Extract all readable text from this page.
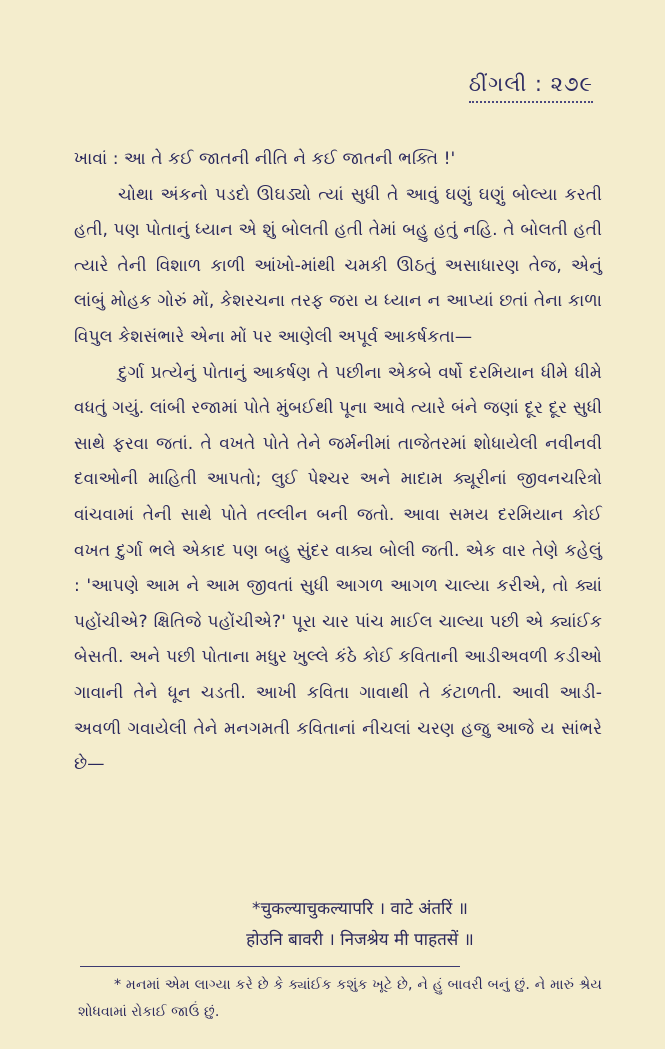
ઠીંગલી : ૨૭૯

ખાવાં : આ તે કઈ જાતની નીતિ ને કઈ જાતની ભક્તિ !'

ચોથા અંકનો પડદો ઊઘડ્યો ત્યાં સુધી તે આવું ઘણું ઘણું બોલ્યા કરતી હતી, પણ પોતાનું ધ્યાન એ શું બોલતી હતી તેમાં બહુ હતું નહિ. તે બોલતી હતી ત્યારે તેની વિશાળ કાળી આંખો-માંથી ચમકી ઊઠતું અસાધારણ તેજ, એનું લાંબું મોહક ગોરું મોં, કેશરચના તરફ જરા ય ધ્યાન ન આપ્યાં છતાં તેના કાળા વિપુલ કેશસંભારે એના મોં પર આણેલી અપૂર્વ આકર્ષકતા—

દુર્ગા પ્રત્યેનું પોતાનું આકર્ષણ તે પછીના એકબે વર્ષો દરમિયાન ધીમે ધીમે વધતું ગયું. લાંબી રજામાં પોતે મુંબઈથી પૂના આવે ત્યારે બંને જણાં દૂર દૂર સુધી સાથે ફરવા જતાં. તે વખતે પોતે તેને જર્મનીમાં તાજેતરમાં શોધાયેલી નવીનવી દવાઓની માહિતી આપતો; લુઈ પેશ્ચર અને માદામ ક્યૂરીનાં જીવનચરિત્રો વાંચવામાં તેની સાથે પોતે તલ્લીન બની જતો. આવા સમય દરમિયાન કોઈ વખત દુર્ગા ભલે એકાદ પણ બહુ સુંદર વાક્ય બોલી જતી. એક વાર તેણે કહેલું : 'આપણે આમ ને આમ જીવતાં સુધી આગળ આગળ ચાલ્યા કરીએ, તો ક્યાં પહોંચીએ? ક્ષિતિજે પહોંચીએ?' પૂરા ચાર પાંચ માઈલ ચાલ્યા પછી એ ક્યાંઈક બેસતી. અને પછી પોતાના મધુર ખુલ્લે કંઠે કોઈ કવિતાની આડીઅવળી કડીઓ ગાવાની તેને ધૂન ચડતી. આખી કવિતા ગાવાથી તે કંટાળતી. આવી આડી-અવળી ગવાયેલી તેને મનગમતી કવિતાનાં નીચલાં ચરણ હજુ આજે ય સાંભરે છે—

*चुकल्याचुकल्यापरि । वाटे अंतरिं ॥
होउनि बावरी । निजश्रेय मी पाहतसें ॥
* મનમાં એમ લાગ્યા કરે છે કે ક્યાંઈક કશુંક ખૂટે છે, ને હું બાવરી બનું છું. ને મારું શ્રેય શોધવામાં રોકાઈ જાઉં છું.
